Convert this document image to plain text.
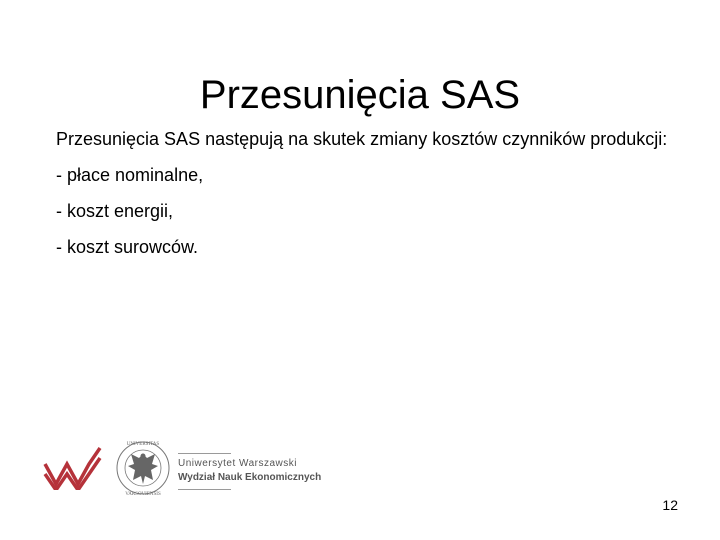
Przesunięcia SAS

Przesunięcia SAS następują na skutek zmiany kosztów czynników produkcji:

- płace nominalne,

- koszt energii,

- koszt surowców.

UNIVERSITAS
VARSOVIENSIS
Uniwersytet Warszawski
Wydział Nauk Ekonomicznych
12
